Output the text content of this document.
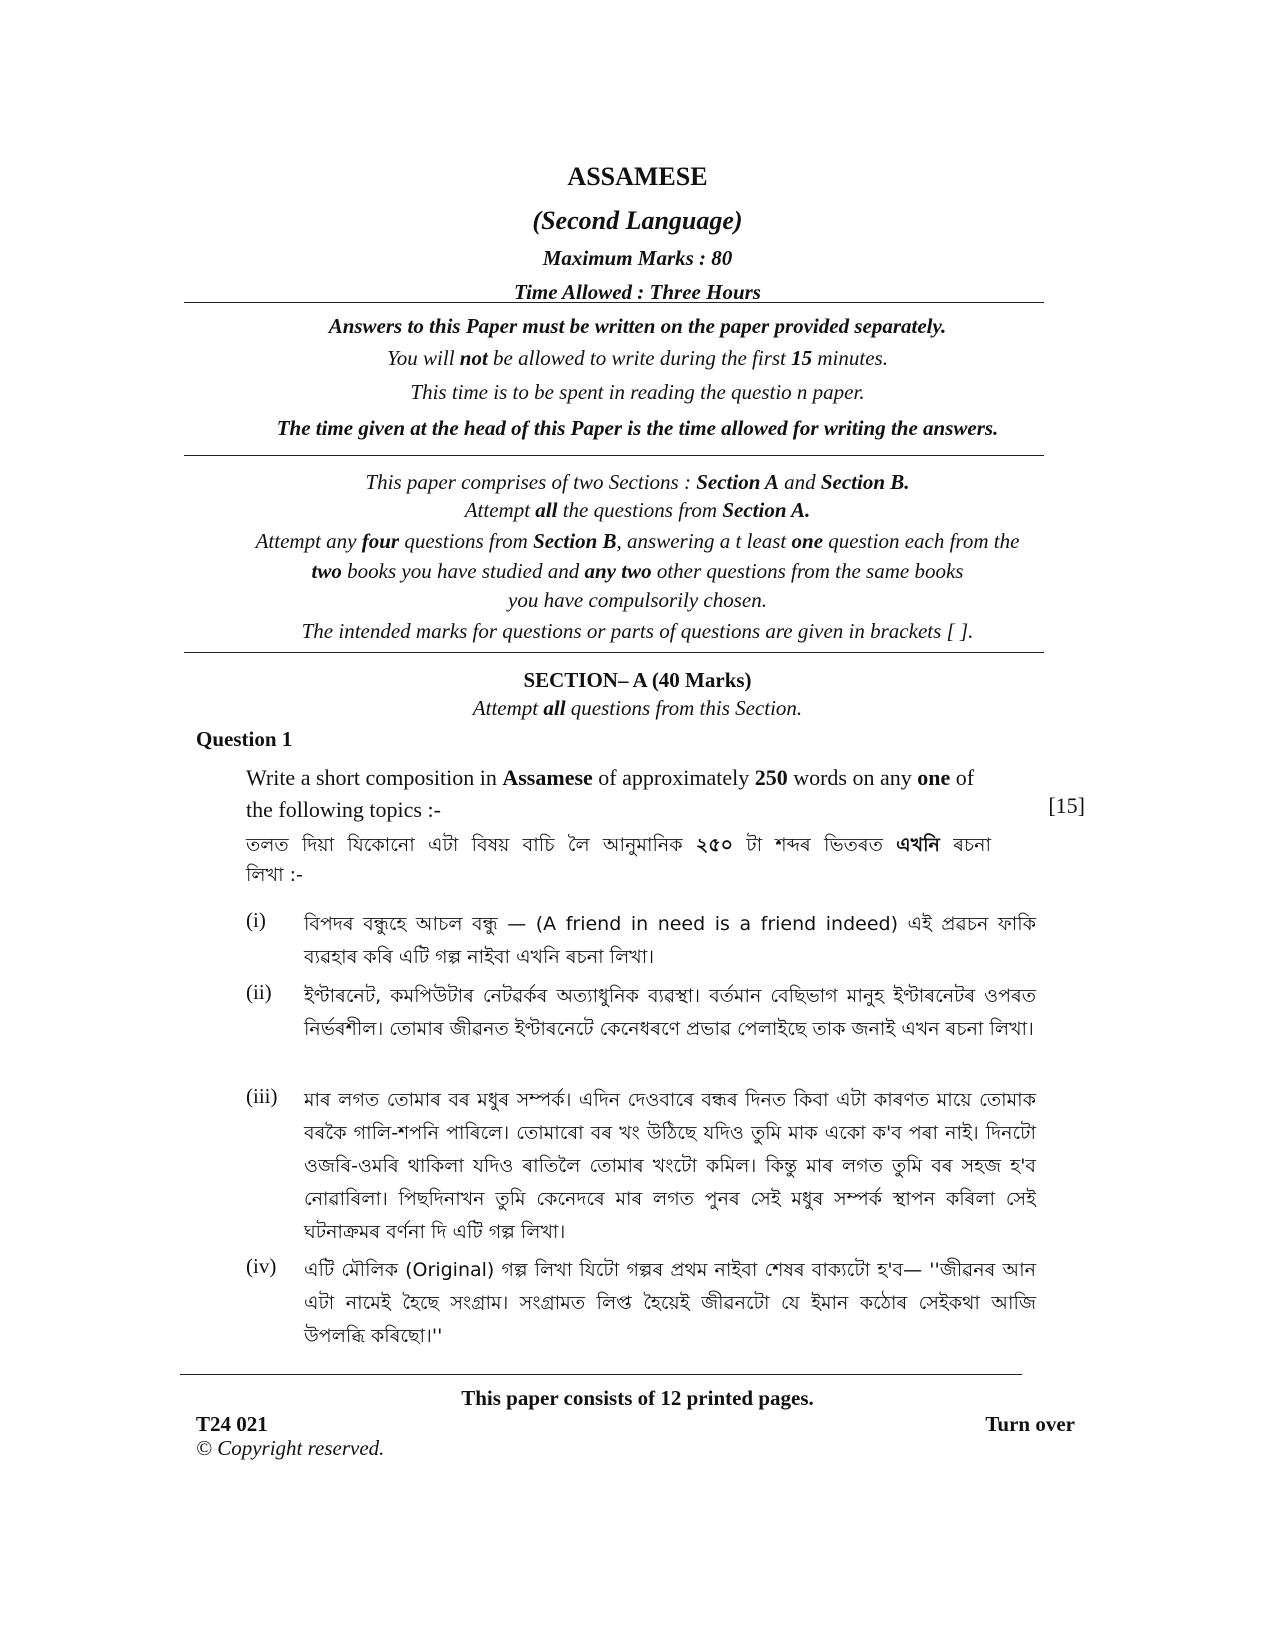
ASSAMESE
(Second Language)
Maximum Marks : 80
Time Allowed : Three Hours
Answers to this Paper must be written on the paper provided separately.
You will not be allowed to write during the first 15 minutes.
This time is to be spent in reading the questio n paper.
The time given at the head of this Paper is the time allowed for writing the answers.
This paper comprises of two Sections : Section A and Section B.
Attempt all the questions from Section A.
Attempt any four questions from Section B, answering a t least one question each from the
two books you have studied and any two other questions from the same books
you have compulsorily chosen.
The intended marks for questions or parts of questions are given in brackets [ ].
SECTION– A (40 Marks)
Attempt all questions from this Section.
Question 1
Write a short composition in Assamese of approximately 250 words on any one of
the following topics :-	[15]
তলত দিয়া যিকোনো এটা বিষয় বাচি লৈ আনুমানিক ২৫০ টা শব্দৰ ভিতৰত এখনি ৰচনা
লিখা :-
(i) বিপদৰ বন্ধুহে আচল বন্ধু — (A friend in need is a friend indeed) এই প্ৰৱচন ফাকি ব্যৱহাৰ কৰি এটি গল্প নাইবা এখনি ৰচনা লিখা।
(ii) ইণ্টাৰনেট, কমপিউটাৰ নেটৱৰ্কৰ অত্যাধুনিক ব্যৱস্থা। বৰ্তমান বেছিভাগ মানুহ ইণ্টাৰনেটৰ ওপৰত নিৰ্ভৰশীল। তোমাৰ জীৱনত ইণ্টাৰনেটে কেনেধৰণে প্ৰভাৱ পেলাইছে তাক জনাই এখন ৰচনা লিখা।
(iii) মাৰ লগত তোমাৰ বৰ মধুৰ সম্পৰ্ক। এদিন দেওবাৰে বন্ধৰ দিনত কিবা এটা কাৰণত মায়ে তোমাক বৰকৈ গালি-শপনি পাৰিলে। তোমাৰো বৰ খং উঠিছে যদিও তুমি মাক একো ক'ব পৰা নাই। দিনটো ওজৰি-ওমৰি থাকিলা যদিও ৰাতিলৈ তোমাৰ খংটো কমিল। কিন্তু মাৰ লগত তুমি বৰ সহজ হ'ব নোৱাৰিলা। পিছদিনাখন তুমি কেনেদৰে মাৰ লগত পুনৰ সেই মধুৰ সম্পৰ্ক স্থাপন কৰিলা সেই ঘটনাক্ৰমৰ বৰ্ণনা দি এটি গল্প লিখা।
(iv) এটি মৌলিক (Original) গল্প লিখা যিটো গল্পৰ প্ৰথম নাইবা শেষৰ বাক্যটো হ'ব— ''জীৱনৰ আন এটা নামেই হৈছে সংগ্ৰাম। সংগ্ৰামত লিপ্ত হৈয়েই জীৱনটো যে ইমান কঠোৰ সেইকথা আজি উপলব্ধি কৰিছো।''
This paper consists of 12 printed pages.
T24 021	Turn over
© Copyright reserved.
